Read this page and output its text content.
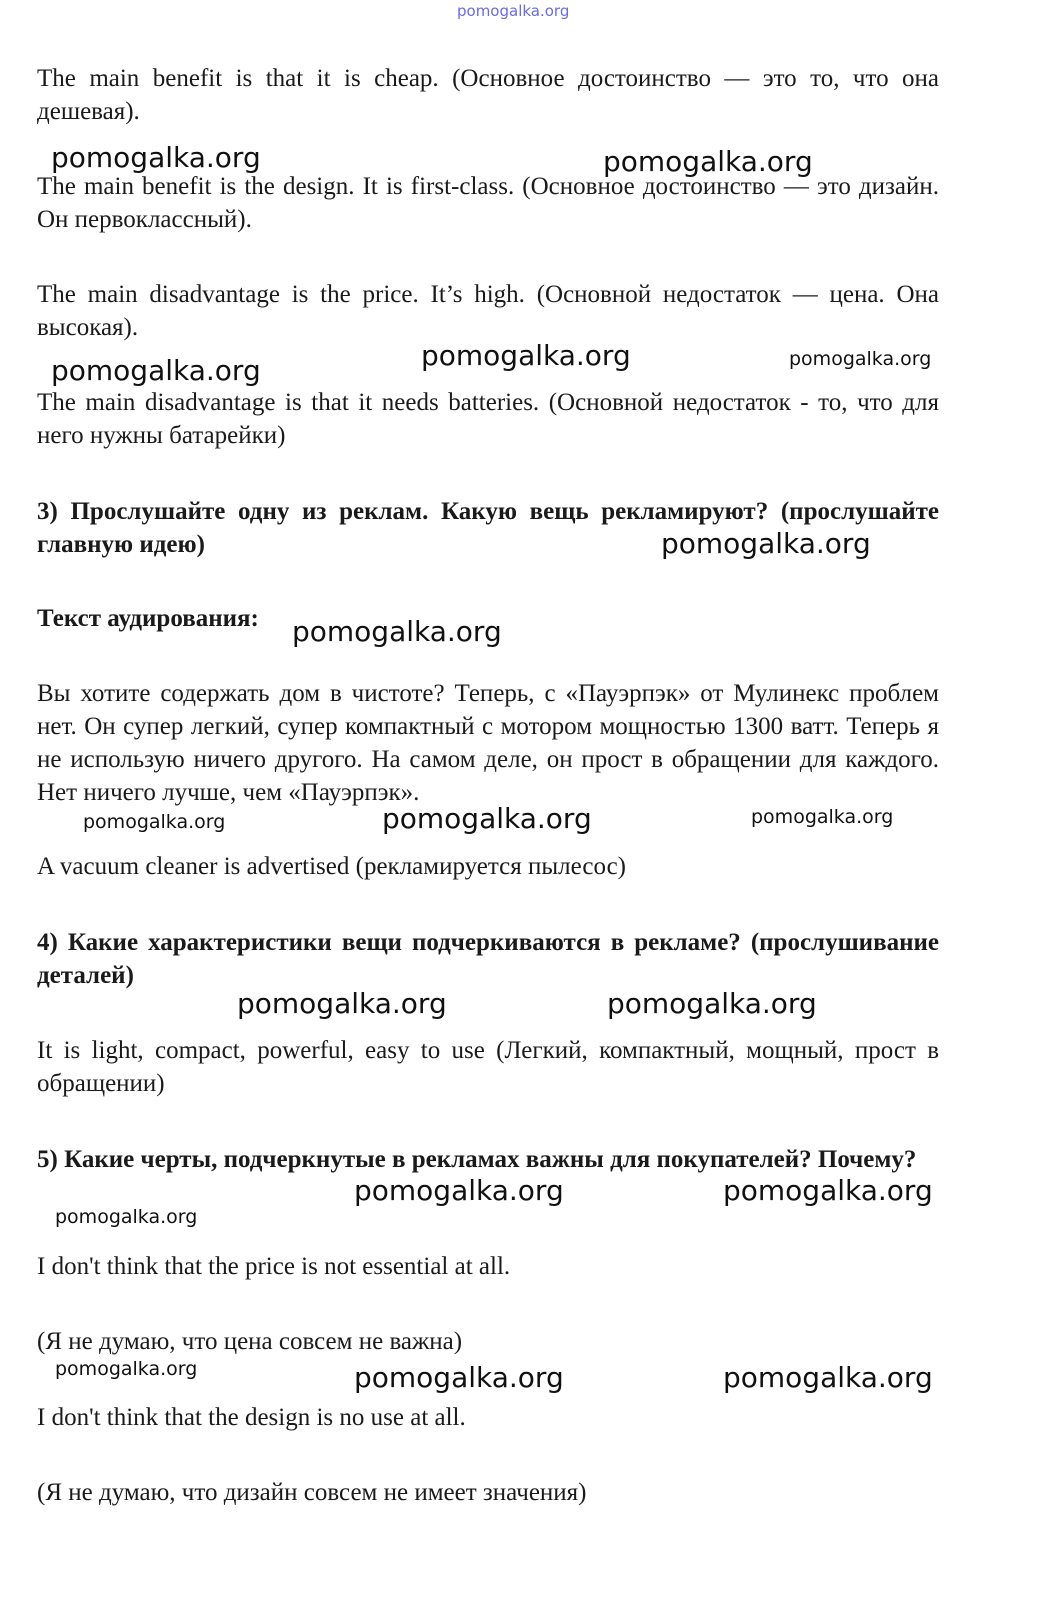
pomogalka.org

The main benefit is that it is cheap. (Основное достоинство — это то, что она дешевая).

The main benefit is the design. It is first-class. (Основное достоинство — это дизайн. Он первоклассный).

The main disadvantage is the price. It’s high. (Основной недостаток — цена. Она высокая).

The main disadvantage is that it needs batteries. (Основной недостаток - то, что для него нужны батарейки)

3) Прослушайте одну из реклам. Какую вещь рекламируют? (прослушайте главную идею)

Текст аудирования:

Вы хотите содержать дом в чистоте? Теперь, с «Пауэрпэк» от Мулинекс проблем нет. Он супер легкий, супер компактный с мотором мощностью 1300 ватт. Теперь я не использую ничего другого. На самом деле, он прост в обращении для каждого. Нет ничего лучше, чем «Пауэрпэк».

A vacuum cleaner is advertised (рекламируется пылесос)

4) Какие характеристики вещи подчеркиваются в рекламе? (прослушивание деталей)

It is light, compact, powerful, easy to use (Легкий, компактный, мощный, прост в обращении)

5) Какие черты, подчеркнутые в рекламах важны для покупателей? Почему?

I don't think that the price is not essential at all.

(Я не думаю, что цена совсем не важна)

I don't think that the design is no use at all.

(Я не думаю, что дизайн совсем не имеет значения)

pomogalka.org	pomogalka.org
pomogalka.org	pomogalka.org	pomogalka.org
pomogalka.org
pomogalka.org
pomogalka.org	pomogalka.org	pomogalka.org
pomogalka.org	pomogalka.org
pomogalka.org	pomogalka.org
pomogalka.org
pomogalka.org	pomogalka.org	pomogalka.org
